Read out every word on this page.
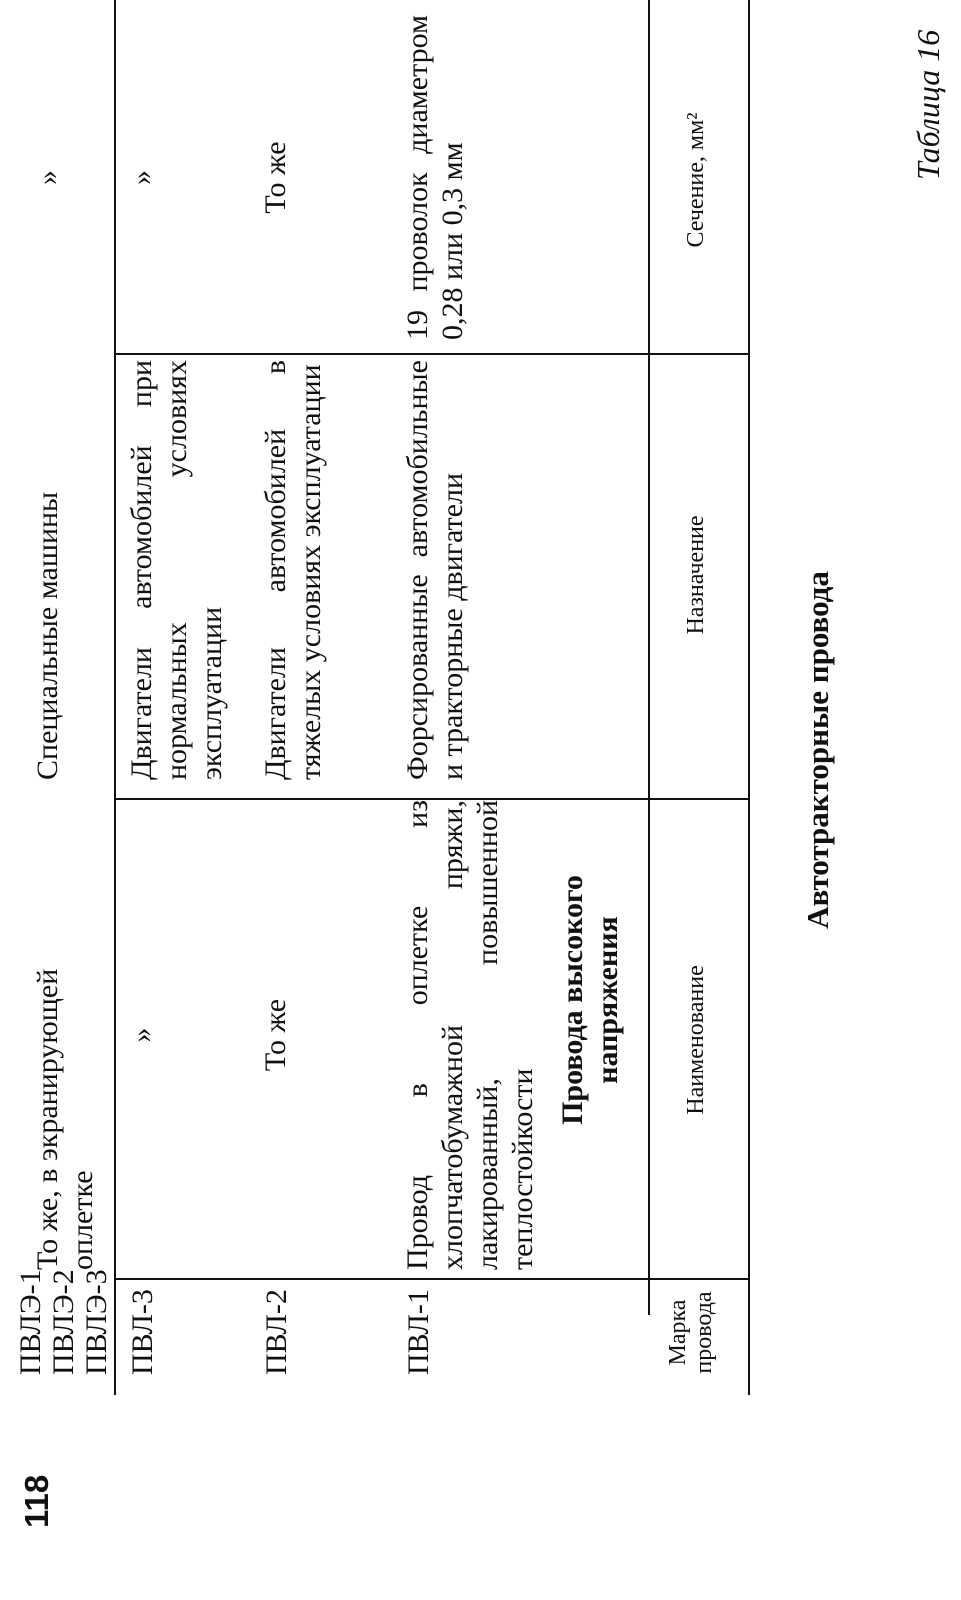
118
Таблица 16
Автотракторные провода
Марка провода
Наименование
Назначение
Сечение, мм²
Провода высокого напряжения
ПВЛ-1
Провод в оплетке из хлопчатобумажной пряжи, лакированный, повышенной теплостойкости
Форсированные автомобильные и тракторные двигатели
19 проволок диаметром 0,28 или 0,3 мм
ПВЛ-2
То же
Двигатели автомобилей в тяжелых условиях эксплуатации
То же
ПВЛ-3
»
Двигатели автомобилей при нормальных условиях эксплуатации
»
ПВЛЭ-1 ПВЛЭ-2 ПВЛЭ-3
То же, в экранирующей оплетке
Специальные машины
»
